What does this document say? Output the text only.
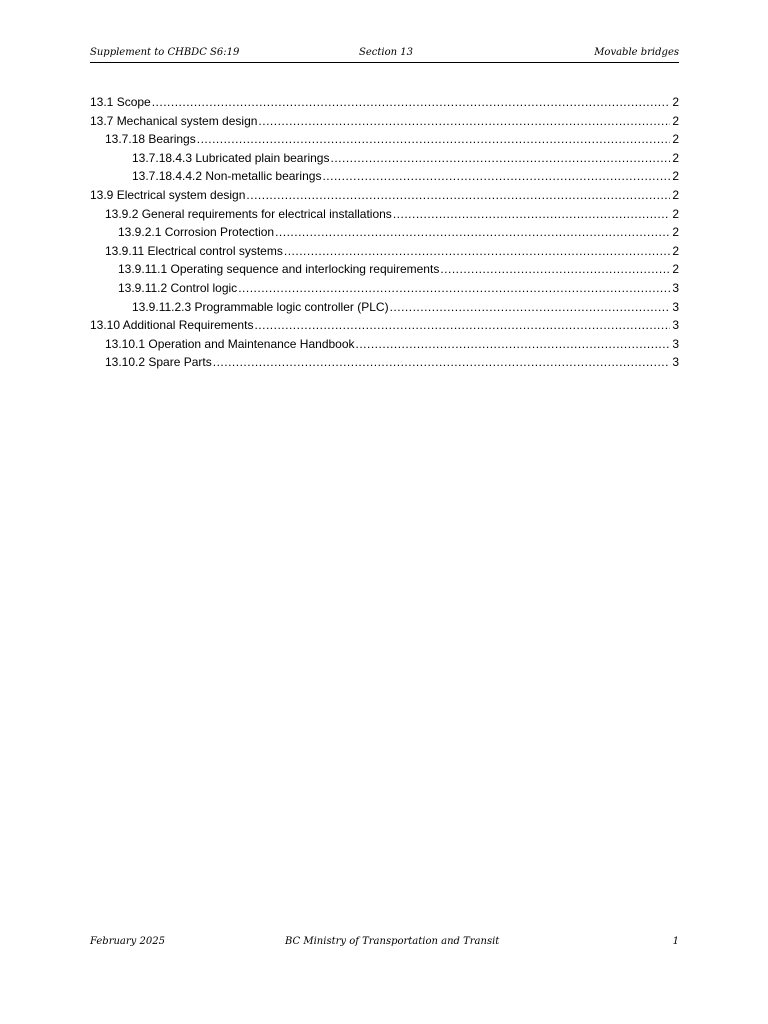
Supplement to CHBDC S6:19	Section 13	Movable bridges
13.1 Scope .....	2
13.7 Mechanical system design .....	2
13.7.18 Bearings .....	2
13.7.18.4.3 Lubricated plain bearings .....	2
13.7.18.4.4.2 Non-metallic bearings .....	2
13.9 Electrical system design .....	2
13.9.2 General requirements for electrical installations .....	2
13.9.2.1 Corrosion Protection .....	2
13.9.11 Electrical control systems .....	2
13.9.11.1 Operating sequence and interlocking requirements .....	2
13.9.11.2 Control logic .....	3
13.9.11.2.3 Programmable logic controller (PLC) .....	3
13.10 Additional Requirements .....	3
13.10.1 Operation and Maintenance Handbook .....	3
13.10.2 Spare Parts .....	3
February 2025	BC Ministry of Transportation and Transit	1
